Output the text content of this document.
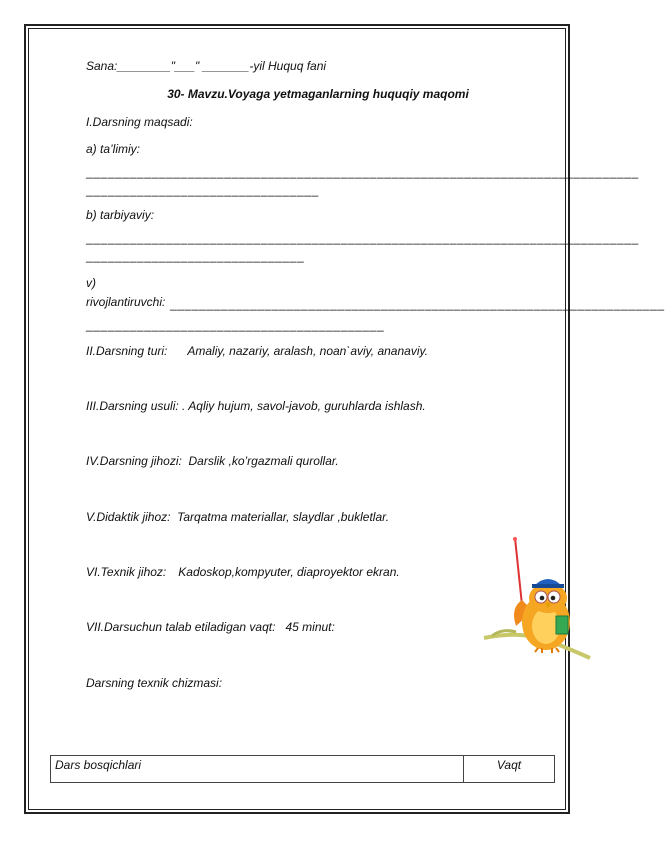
Sana:________"___" _______-yil Huquq fani
30- Mavzu.Voyaga yetmaganlarning huquqiy maqomi
I.Darsning maqsadi:
a) ta’limiy:
____________________________________________________________________________
________________________________
b) tarbiyaviy:
____________________________________________________________________________
______________________________
v)
rivojlantiruvchi: ____________________________________________________________________
_________________________________________
II.Darsning turi: Amaliy, nazariy, aralash, noan`aviy, ananaviy.
III.Darsning usuli: . Aqliy hujum, savol-javob, guruhlarda ishlash.
IV.Darsning jihozi: Darslik ,ko’rgazmali qurollar.
V.Didaktik jihoz: Tarqatma materiallar, slaydlar ,bukletlar.
VI.Texnik jihoz: Kadoskop,kompyuter, diaproyektor ekran.
VII.Darsuchun talab etiladigan vaqt: 45 minut:
Darsning texnik chizmasi:
Dars bosqichlari	Vaqt
